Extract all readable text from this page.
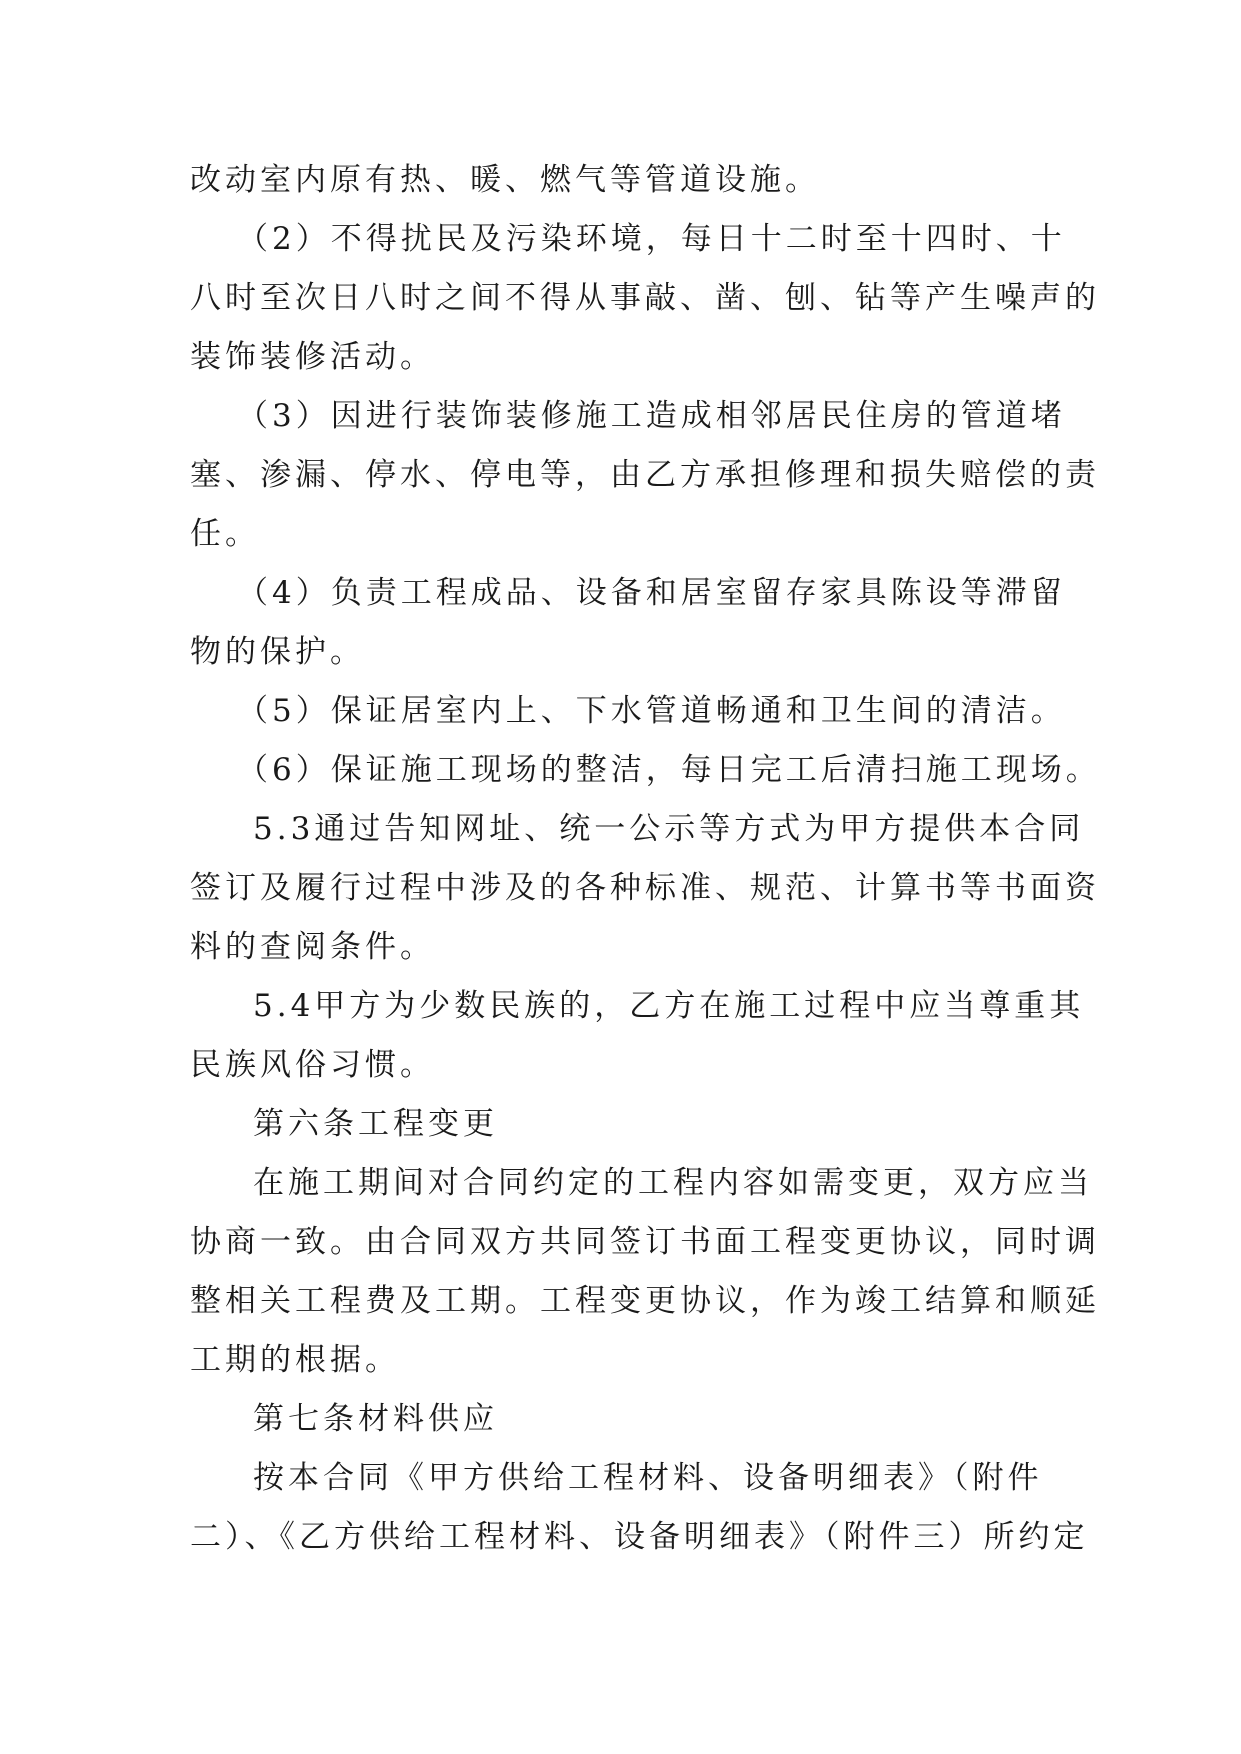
改动室内原有热、暖、燃气等管道设施。
（2）不得扰民及污染环境，每日十二时至十四时、十
八时至次日八时之间不得从事敲、凿、刨、钻等产生噪声的
装饰装修活动。
（3）因进行装饰装修施工造成相邻居民住房的管道堵
塞、渗漏、停水、停电等，由乙方承担修理和损失赔偿的责
任。
（4）负责工程成品、设备和居室留存家具陈设等滞留
物的保护。
（5）保证居室内上、下水管道畅通和卫生间的清洁。
（6）保证施工现场的整洁，每日完工后清扫施工现场。
5.3通过告知网址、统一公示等方式为甲方提供本合同
签订及履行过程中涉及的各种标准、规范、计算书等书面资
料的查阅条件。
5.4甲方为少数民族的，乙方在施工过程中应当尊重其
民族风俗习惯。
第六条工程变更
在施工期间对合同约定的工程内容如需变更，双方应当
协商一致。由合同双方共同签订书面工程变更协议，同时调
整相关工程费及工期。工程变更协议，作为竣工结算和顺延
工期的根据。
第七条材料供应
按本合同《甲方供给工程材料、设备明细表》（附件
二）、《乙方供给工程材料、设备明细表》（附件三）所约定
